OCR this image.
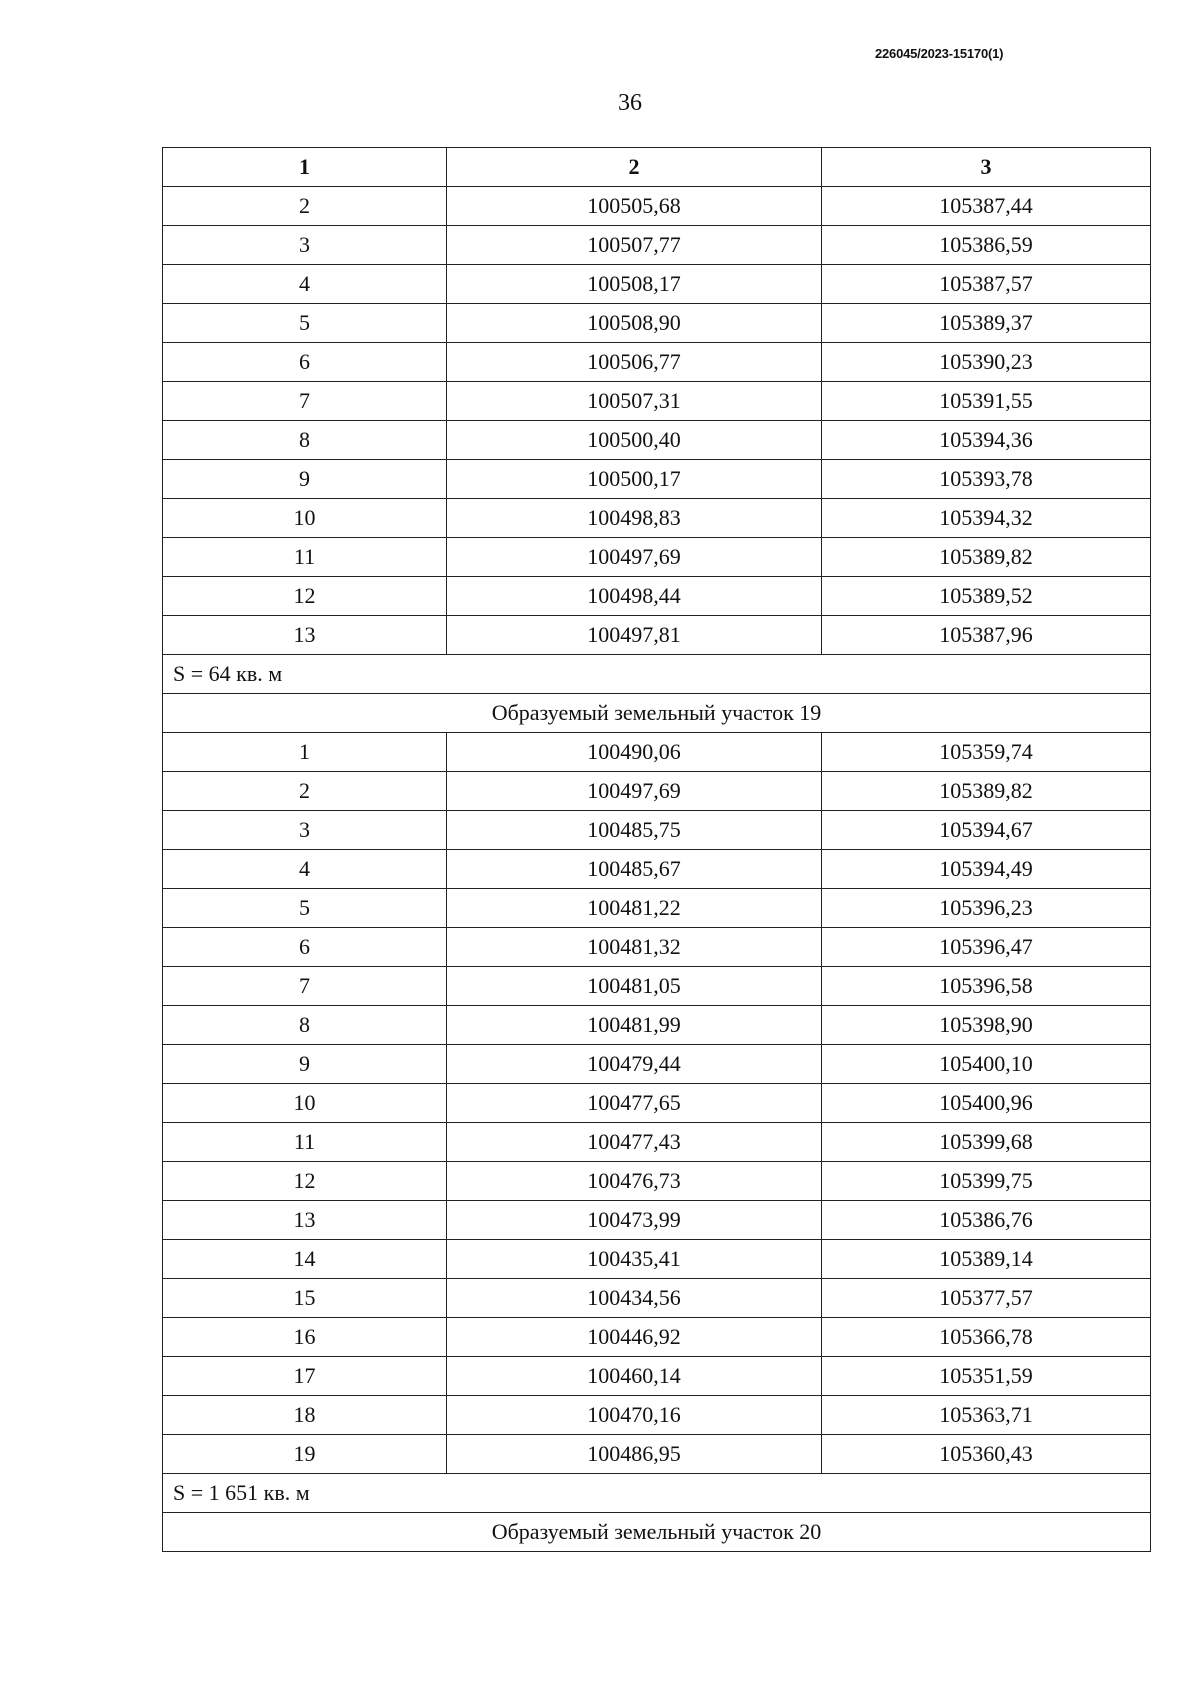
226045/2023-15170(1)
36
1	2	3
2	100505,68	105387,44
3	100507,77	105386,59
4	100508,17	105387,57
5	100508,90	105389,37
6	100506,77	105390,23
7	100507,31	105391,55
8	100500,40	105394,36
9	100500,17	105393,78
10	100498,83	105394,32
11	100497,69	105389,82
12	100498,44	105389,52
13	100497,81	105387,96
S = 64 кв. м		
Образуемый земельный участок 19		
1	100490,06	105359,74
2	100497,69	105389,82
3	100485,75	105394,67
4	100485,67	105394,49
5	100481,22	105396,23
6	100481,32	105396,47
7	100481,05	105396,58
8	100481,99	105398,90
9	100479,44	105400,10
10	100477,65	105400,96
11	100477,43	105399,68
12	100476,73	105399,75
13	100473,99	105386,76
14	100435,41	105389,14
15	100434,56	105377,57
16	100446,92	105366,78
17	100460,14	105351,59
18	100470,16	105363,71
19	100486,95	105360,43
S = 1 651 кв. м		
Образуемый земельный участок 20		
